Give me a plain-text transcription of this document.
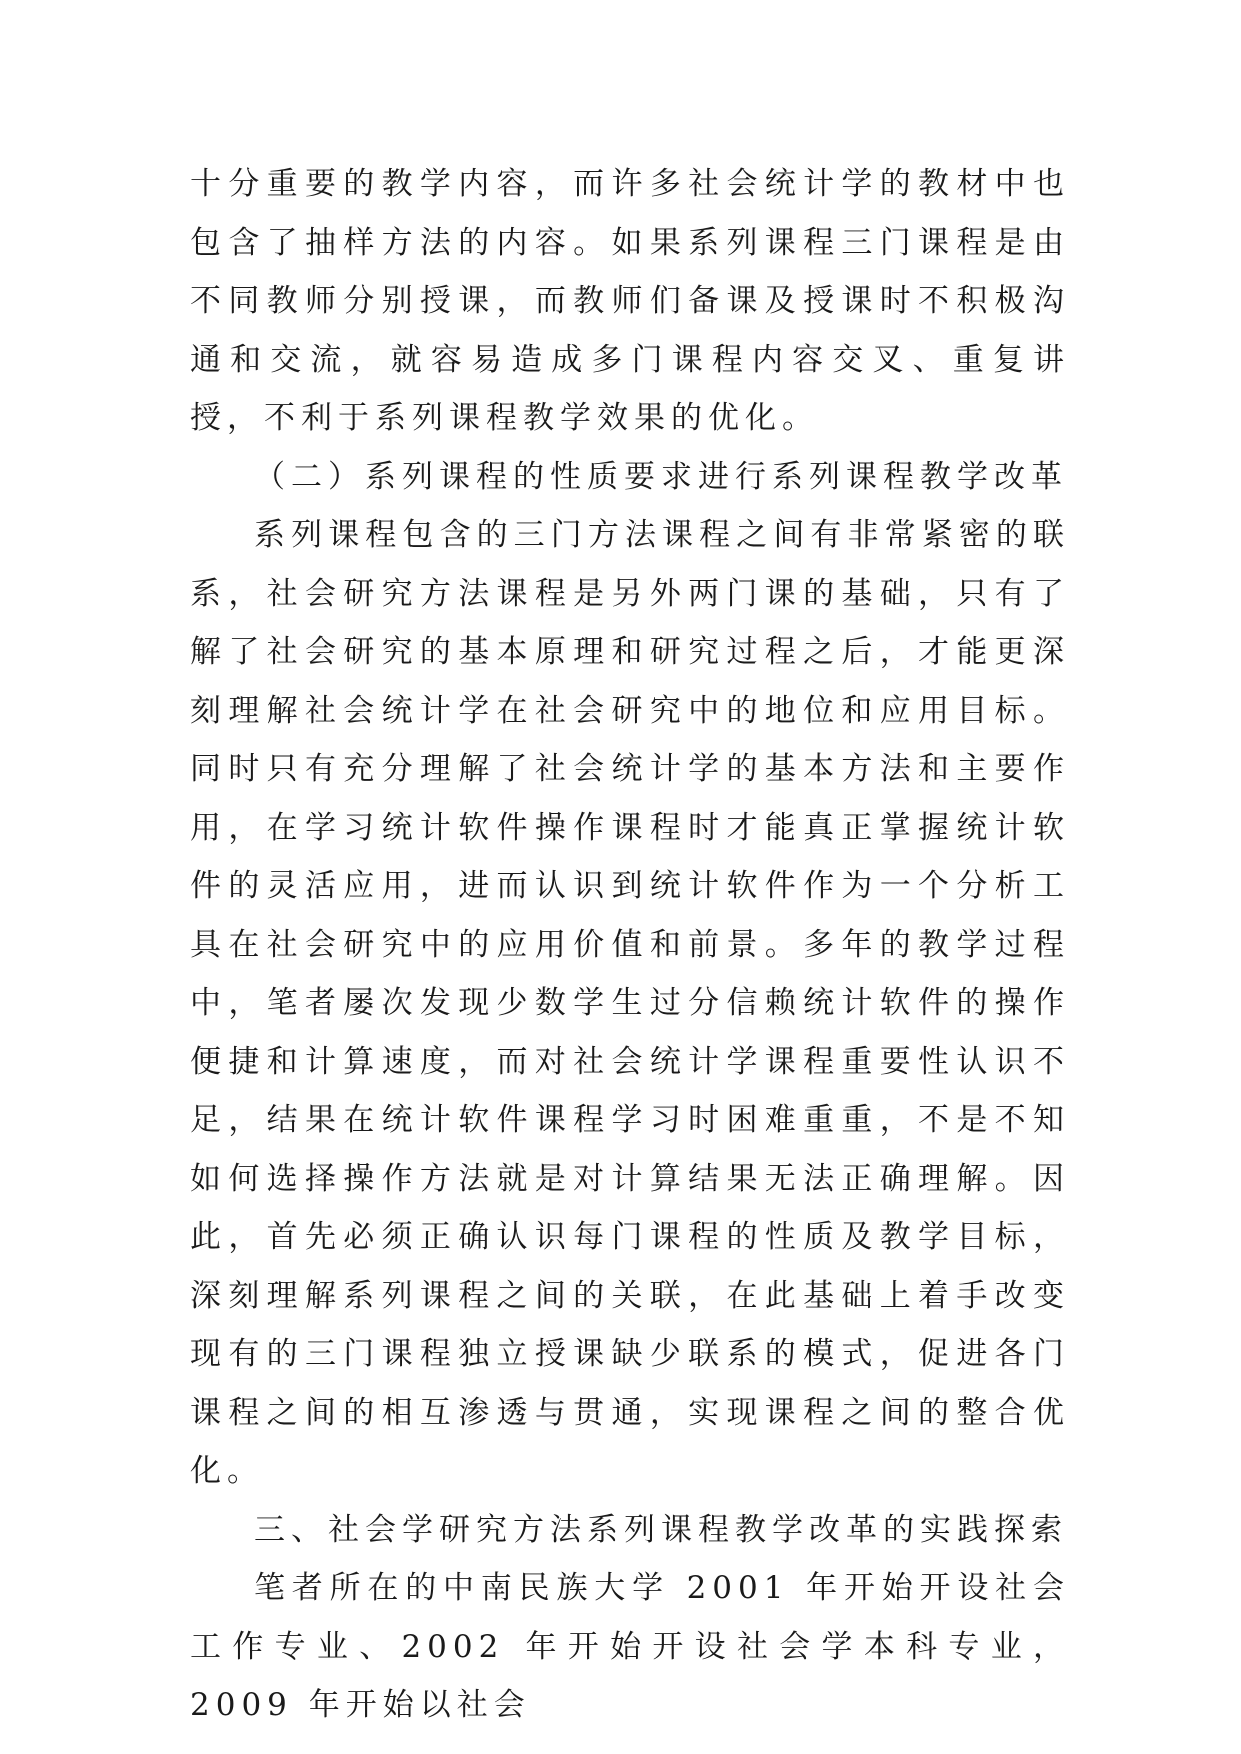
十分重要的教学内容，而许多社会统计学的教材中也包含了抽样方法的内容。如果系列课程三门课程是由不同教师分别授课，而教师们备课及授课时不积极沟通和交流，就容易造成多门课程内容交叉、重复讲授，不利于系列课程教学效果的优化。

（二）系列课程的性质要求进行系列课程教学改革

系列课程包含的三门方法课程之间有非常紧密的联系，社会研究方法课程是另外两门课的基础，只有了解了社会研究的基本原理和研究过程之后，才能更深刻理解社会统计学在社会研究中的地位和应用目标。同时只有充分理解了社会统计学的基本方法和主要作用，在学习统计软件操作课程时才能真正掌握统计软件的灵活应用，进而认识到统计软件作为一个分析工具在社会研究中的应用价值和前景。多年的教学过程中，笔者屡次发现少数学生过分信赖统计软件的操作便捷和计算速度，而对社会统计学课程重要性认识不足，结果在统计软件课程学习时困难重重，不是不知如何选择操作方法就是对计算结果无法正确理解。因此，首先必须正确认识每门课程的性质及教学目标，深刻理解系列课程之间的关联，在此基础上着手改变现有的三门课程独立授课缺少联系的模式，促进各门课程之间的相互渗透与贯通，实现课程之间的整合优化。

三、社会学研究方法系列课程教学改革的实践探索

笔者所在的中南民族大学 2001 年开始开设社会工作专业、2002 年开始开设社会学本科专业，2009 年开始以社会
